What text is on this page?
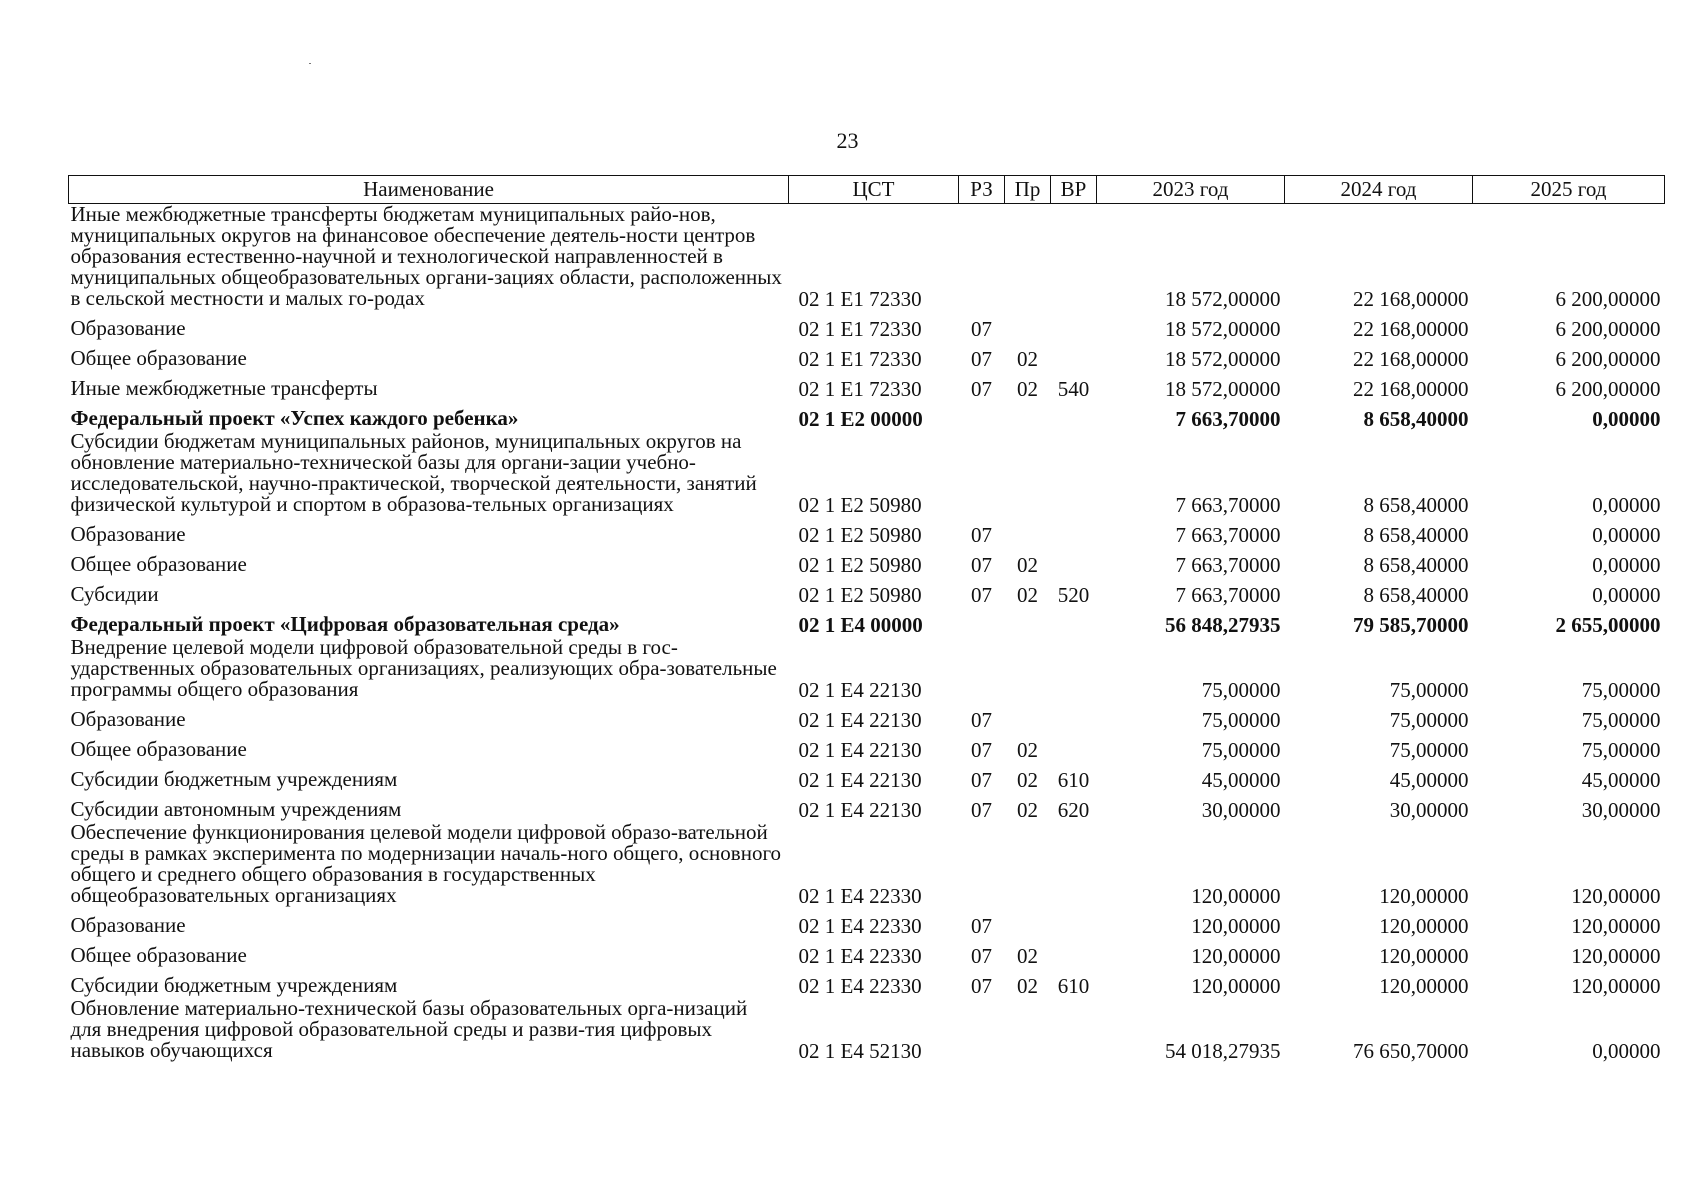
23
Наименование	ЦСТ	РЗ	Пр	ВР	2023 год	2024 год	2025 год
Иные межбюджетные трансферты бюджетам муниципальных райо-нов, муниципальных округов на финансовое обеспечение деятель-ности центров образования естественно-научной и технологической направленностей в муниципальных общеобразовательных органи-зациях области, расположенных в сельской местности и малых го-родах	02 1 E1 72330				18 572,00000	22 168,00000	6 200,00000
Образование	02 1 E1 72330	07			18 572,00000	22 168,00000	6 200,00000
Общее образование	02 1 E1 72330	07	02		18 572,00000	22 168,00000	6 200,00000
Иные межбюджетные трансферты	02 1 E1 72330	07	02	540	18 572,00000	22 168,00000	6 200,00000
Федеральный проект «Успех каждого ребенка»	02 1 E2 00000				7 663,70000	8 658,40000	0,00000
Субсидии бюджетам муниципальных районов, муниципальных округов на обновление материально-технической базы для органи-зации учебно-исследовательской, научно-практической, творческой деятельности, занятий физической культурой и спортом в образова-тельных организациях	02 1 E2 50980				7 663,70000	8 658,40000	0,00000
Образование	02 1 E2 50980	07			7 663,70000	8 658,40000	0,00000
Общее образование	02 1 E2 50980	07	02		7 663,70000	8 658,40000	0,00000
Субсидии	02 1 E2 50980	07	02	520	7 663,70000	8 658,40000	0,00000
Федеральный проект «Цифровая образовательная среда»	02 1 E4 00000				56 848,27935	79 585,70000	2 655,00000
Внедрение целевой модели цифровой образовательной среды в гос-ударственных образовательных организациях, реализующих обра-зовательные программы общего образования	02 1 E4 22130				75,00000	75,00000	75,00000
Образование	02 1 E4 22130	07			75,00000	75,00000	75,00000
Общее образование	02 1 E4 22130	07	02		75,00000	75,00000	75,00000
Субсидии бюджетным учреждениям	02 1 E4 22130	07	02	610	45,00000	45,00000	45,00000
Субсидии автономным учреждениям	02 1 E4 22130	07	02	620	30,00000	30,00000	30,00000
Обеспечение функционирования целевой модели цифровой образо-вательной среды в рамках эксперимента по модернизации началь-ного общего, основного общего и среднего общего образования в государственных общеобразовательных организациях	02 1 E4 22330				120,00000	120,00000	120,00000
Образование	02 1 E4 22330	07			120,00000	120,00000	120,00000
Общее образование	02 1 E4 22330	07	02		120,00000	120,00000	120,00000
Субсидии бюджетным учреждениям	02 1 E4 22330	07	02	610	120,00000	120,00000	120,00000
Обновление материально-технической базы образовательных орга-низаций для внедрения цифровой образовательной среды и разви-тия цифровых навыков обучающихся	02 1 E4 52130				54 018,27935	76 650,70000	0,00000
